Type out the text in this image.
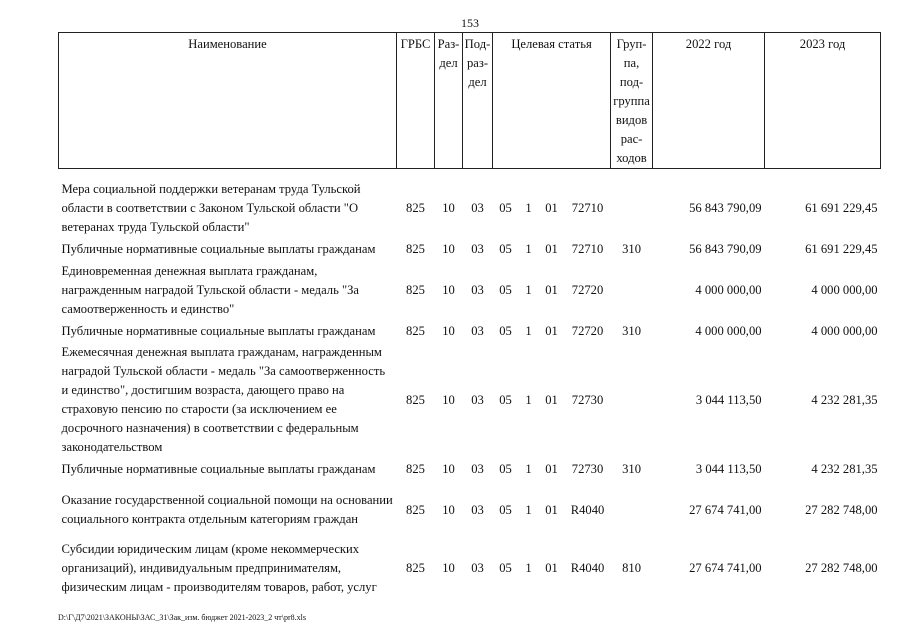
153
Наименование	ГРБС	Раз-дел	Под-раз-дел	Целевая статья				Груп-па, под-группа видов рас-ходов	2022 год	2023 год

Мера социальной поддержки ветеранам труда Тульской области в соответствии с Законом Тульской области "О ветеранах труда Тульской области"	825	10	03	05	1	01	72710		56 843 790,09	61 691 229,45
Публичные нормативные социальные выплаты гражданам	825	10	03	05	1	01	72710	310	56 843 790,09	61 691 229,45
Единовременная денежная выплата гражданам, награжденным наградой Тульской области - медаль "За самоотверженность и единство"	825	10	03	05	1	01	72720		4 000 000,00	4 000 000,00
Публичные нормативные социальные выплаты гражданам	825	10	03	05	1	01	72720	310	4 000 000,00	4 000 000,00
Ежемесячная денежная выплата гражданам, награжденным наградой Тульской области - медаль "За самоотверженность и единство", достигшим возраста, дающего право на страховую пенсию по старости (за исключением ее досрочного назначения) в соответствии с федеральным законодательством	825	10	03	05	1	01	72730		3 044 113,50	4 232 281,35
Публичные нормативные социальные выплаты гражданам	825	10	03	05	1	01	72730	310	3 044 113,50	4 232 281,35
Оказание государственной социальной помощи на основании социального контракта отдельным категориям граждан	825	10	03	05	1	01	R4040		27 674 741,00	27 282 748,00
Субсидии юридическим лицам (кроме некоммерческих организаций), индивидуальным предпринимателям, физическим лицам - производителям товаров, работ, услуг	825	10	03	05	1	01	R4040	810	27 674 741,00	27 282 748,00
D:\Г\Д7\2021\ЗАКОНЫ\ЗАС_31\Зак_изм. бюджет 2021-2023_2 чт\pr8.xls
